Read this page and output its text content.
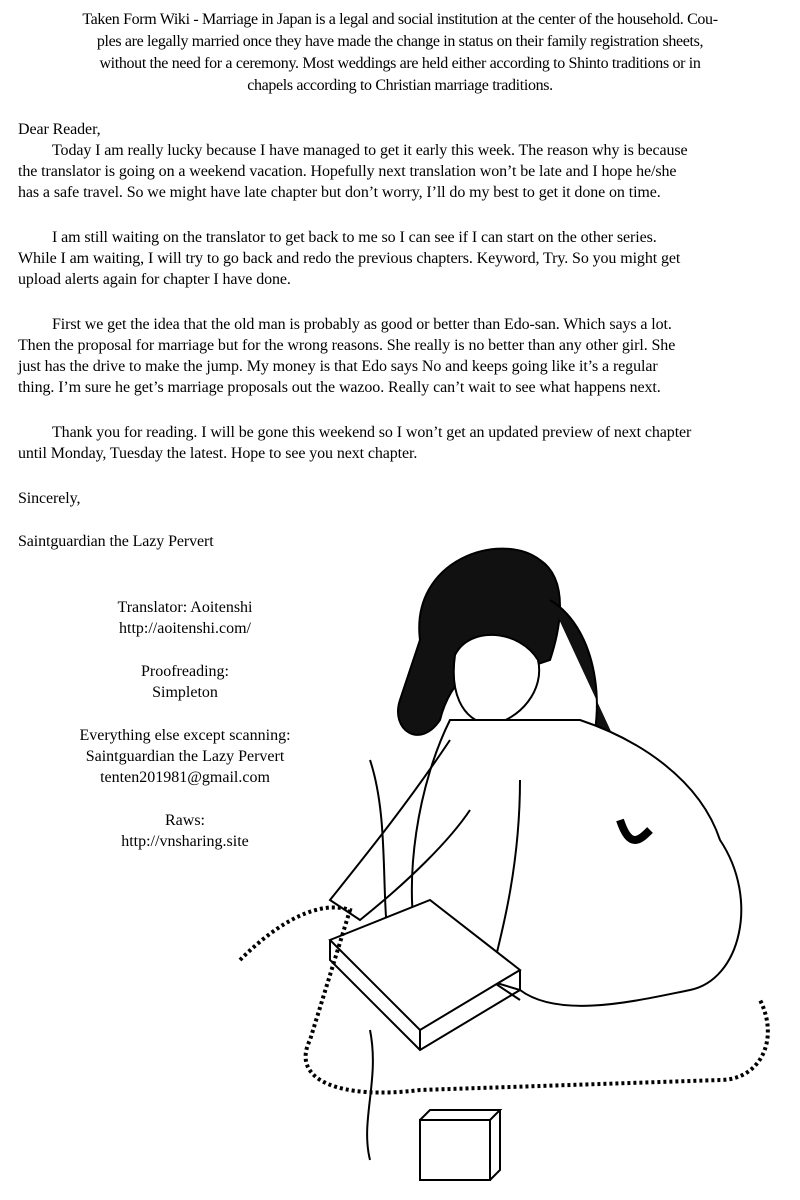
Taken Form Wiki - Marriage in Japan is a legal and social institution at the center of the household. Cou-
ples are legally married once they have made the change in status on their family registration sheets,
without the need for a ceremony. Most weddings are held either according to Shinto traditions or in
chapels according to Christian marriage traditions.
Dear Reader,
Today I am really lucky because I have managed to get it early this week. The reason why is because
the translator is going on a weekend vacation. Hopefully next translation won’t be late and I hope he/she
has a safe travel. So we might have late chapter but don’t worry, I’ll do my best to get it done on time.
I am still waiting on the translator to get back to me so I can see if I can start on the other series.
While I am waiting, I will try to go back and redo the previous chapters. Keyword, Try. So you might get
upload alerts again for chapter I have done.
First we get the idea that the old man is probably as good or better than Edo-san. Which says a lot.
Then the proposal for marriage but for the wrong reasons. She really is no better than any other girl. She
just has the drive to make the jump. My money is that Edo says No and keeps going like it’s a regular
thing. I’m sure he get’s marriage proposals out the wazoo. Really can’t wait to see what happens next.
Thank you for reading. I will be gone this weekend so I won’t get an updated preview of next chapter
until Monday, Tuesday the latest. Hope to see you next chapter.
Sincerely,
Saintguardian the Lazy Pervert
Translator: Aoitenshi
http://aoitenshi.com/
Proofreading:
Simpleton
Everything else except scanning:
Saintguardian the Lazy Pervert
tenten201981@gmail.com
Raws:
http://vnsharing.site
